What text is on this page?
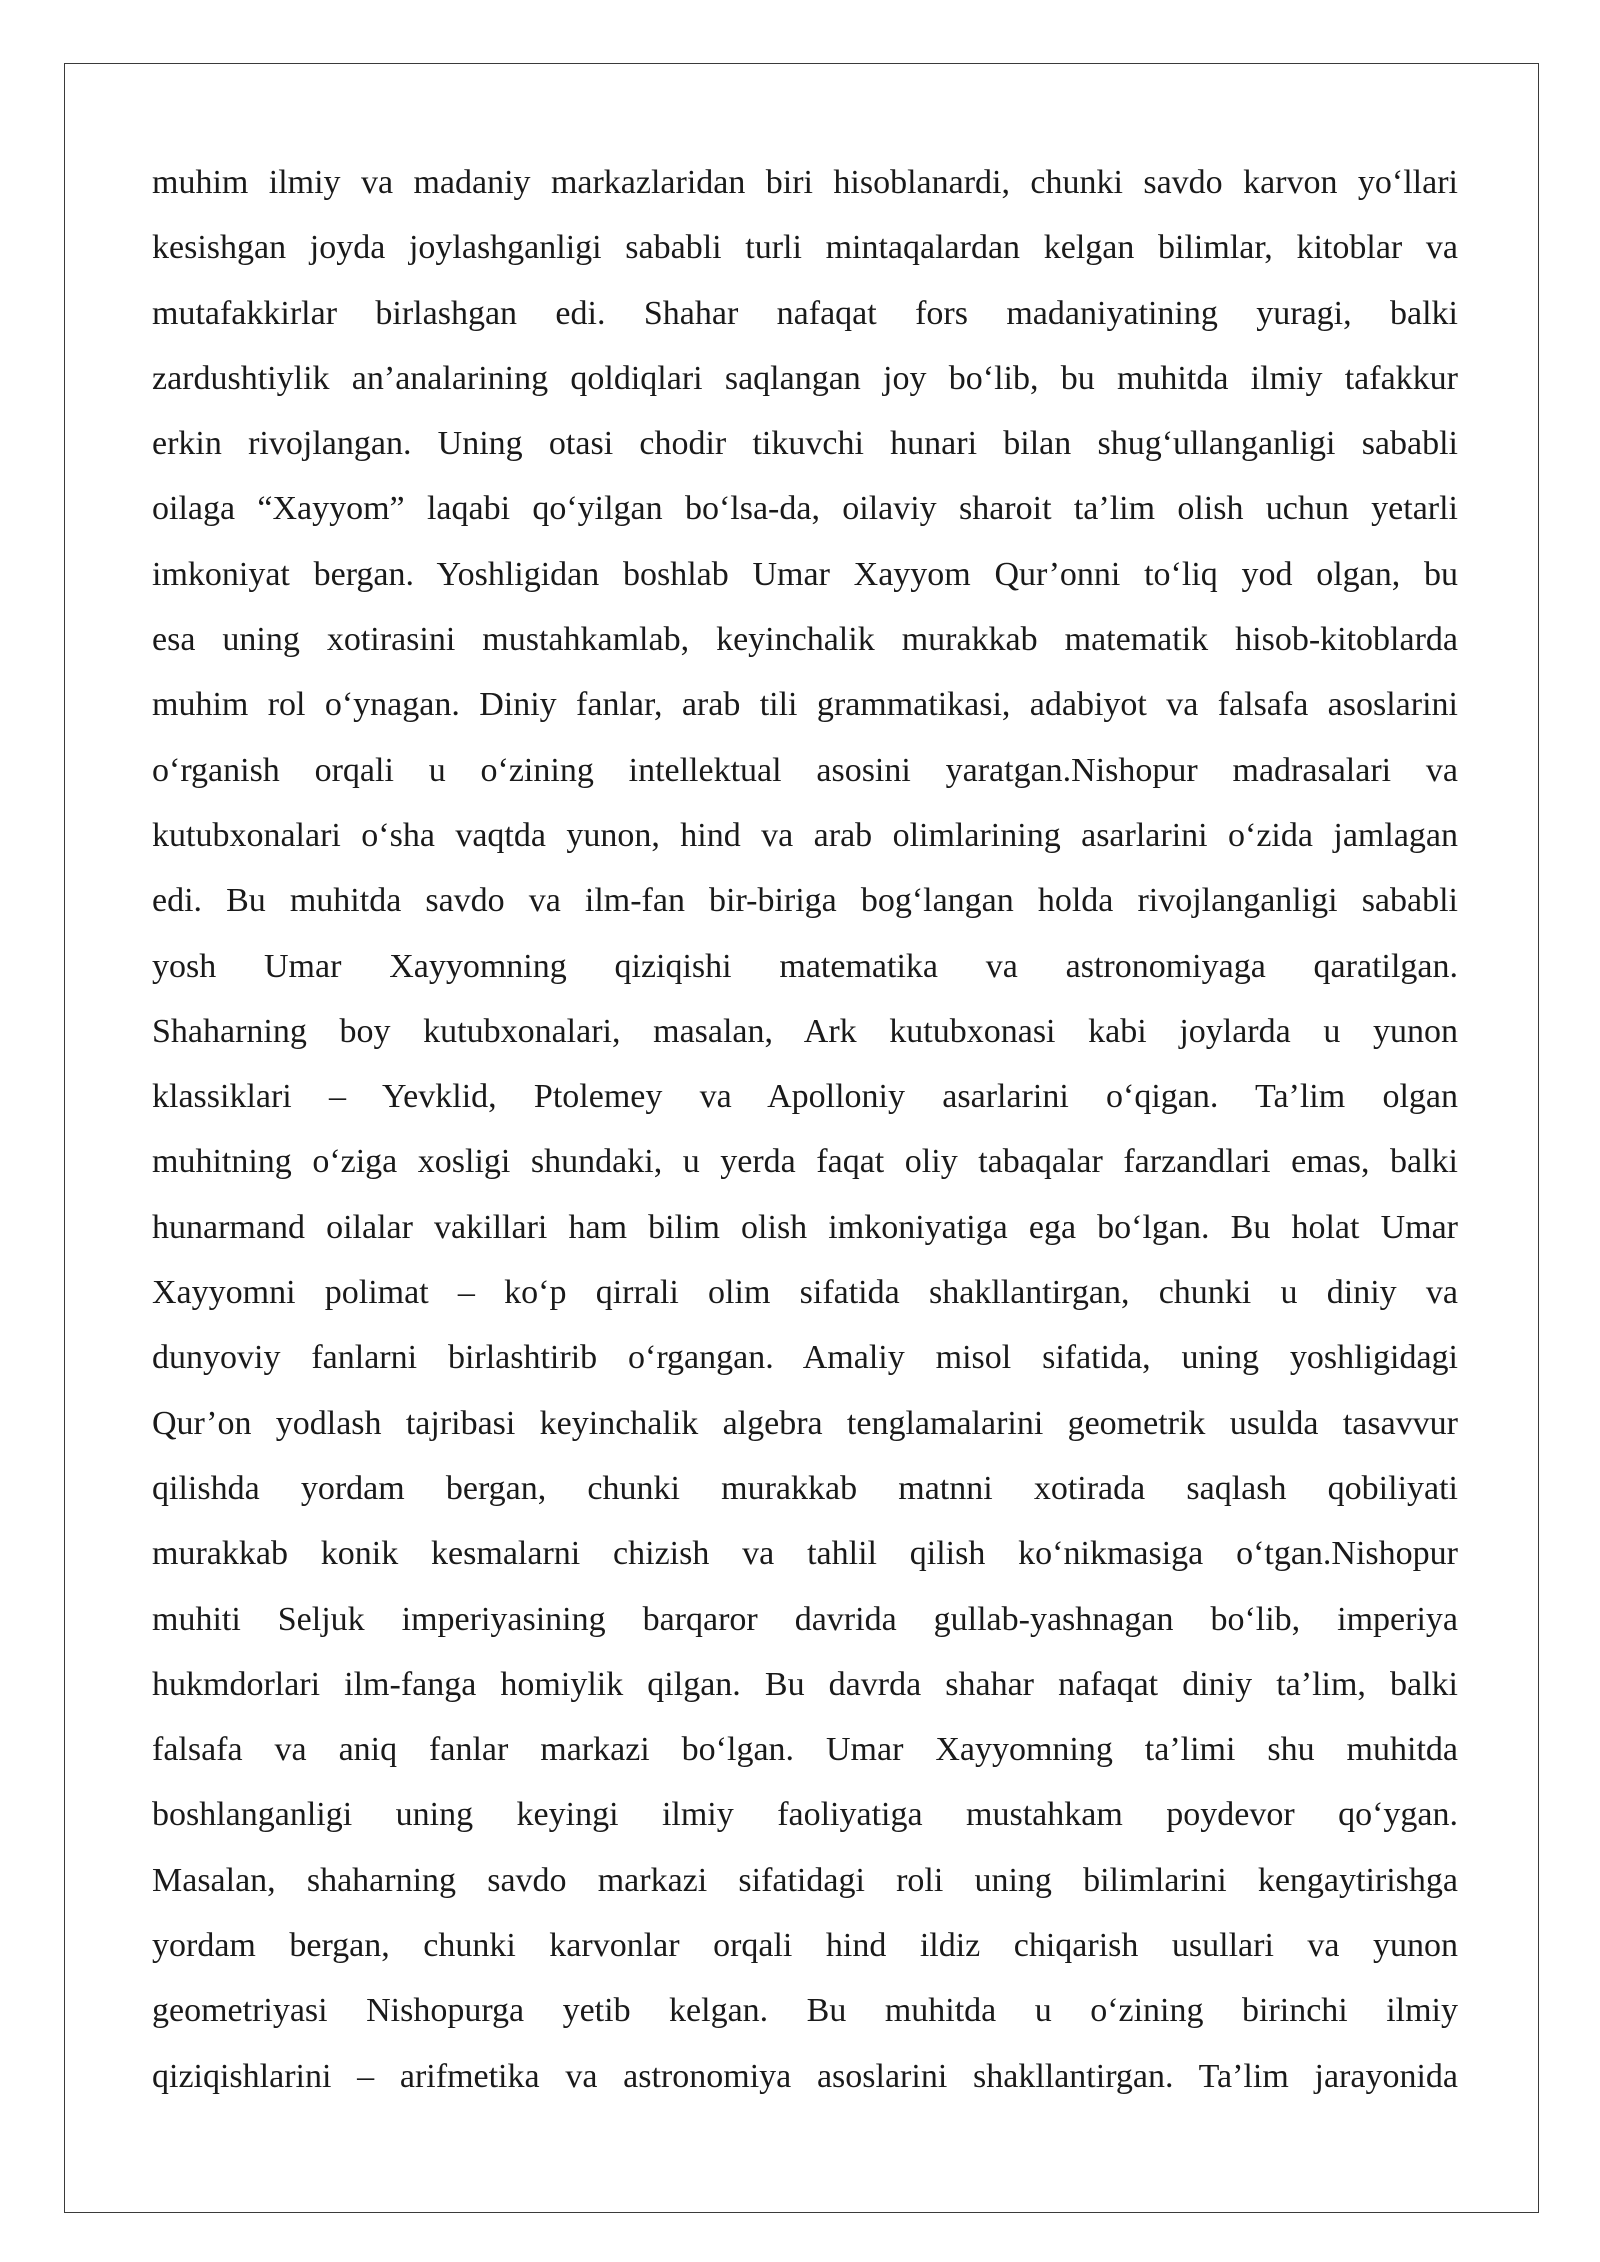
muhim ilmiy va madaniy markazlaridan biri hisoblanardi, chunki savdo karvon yo‘llari
kesishgan joyda joylashganligi sababli turli mintaqalardan kelgan bilimlar, kitoblar va
mutafakkirlar birlashgan edi. Shahar nafaqat fors madaniyatining yuragi, balki
zardushtiylik an’analarining qoldiqlari saqlangan joy bo‘lib, bu muhitda ilmiy tafakkur
erkin rivojlangan. Uning otasi chodir tikuvchi hunari bilan shug‘ullanganligi sababli
oilaga “Xayyom” laqabi qo‘yilgan bo‘lsa-da, oilaviy sharoit ta’lim olish uchun yetarli
imkoniyat bergan. Yoshligidan boshlab Umar Xayyom Qur’onni to‘liq yod olgan, bu
esa uning xotirasini mustahkamlab, keyinchalik murakkab matematik hisob-kitoblarda
muhim rol o‘ynagan. Diniy fanlar, arab tili grammatikasi, adabiyot va falsafa asoslarini
o‘rganish orqali u o‘zining intellektual asosini yaratgan.Nishopur madrasalari va
kutubxonalari o‘sha vaqtda yunon, hind va arab olimlarining asarlarini o‘zida jamlagan
edi. Bu muhitda savdo va ilm-fan bir-biriga bog‘langan holda rivojlanganligi sababli
yosh Umar Xayyomning qiziqishi matematika va astronomiyaga qaratilgan.
Shaharning boy kutubxonalari, masalan, Ark kutubxonasi kabi joylarda u yunon
klassiklari – Yevklid, Ptolemey va Apolloniy asarlarini o‘qigan. Ta’lim olgan
muhitning o‘ziga xosligi shundaki, u yerda faqat oliy tabaqalar farzandlari emas, balki
hunarmand oilalar vakillari ham bilim olish imkoniyatiga ega bo‘lgan. Bu holat Umar
Xayyomni polimat – ko‘p qirrali olim sifatida shakllantirgan, chunki u diniy va
dunyoviy fanlarni birlashtirib o‘rgangan. Amaliy misol sifatida, uning yoshligidagi
Qur’on yodlash tajribasi keyinchalik algebra tenglamalarini geometrik usulda tasavvur
qilishda yordam bergan, chunki murakkab matnni xotirada saqlash qobiliyati
murakkab konik kesmalarni chizish va tahlil qilish ko‘nikmasiga o‘tgan.Nishopur
muhiti Seljuk imperiyasining barqaror davrida gullab-yashnagan bo‘lib, imperiya
hukmdorlari ilm-fanga homiylik qilgan. Bu davrda shahar nafaqat diniy ta’lim, balki
falsafa va aniq fanlar markazi bo‘lgan. Umar Xayyomning ta’limi shu muhitda
boshlanganligi uning keyingi ilmiy faoliyatiga mustahkam poydevor qo‘ygan.
Masalan, shaharning savdo markazi sifatidagi roli uning bilimlarini kengaytirishga
yordam bergan, chunki karvonlar orqali hind ildiz chiqarish usullari va yunon
geometriyasi Nishopurga yetib kelgan. Bu muhitda u o‘zining birinchi ilmiy
qiziqishlarini – arifmetika va astronomiya asoslarini shakllantirgan. Ta’lim jarayonida
